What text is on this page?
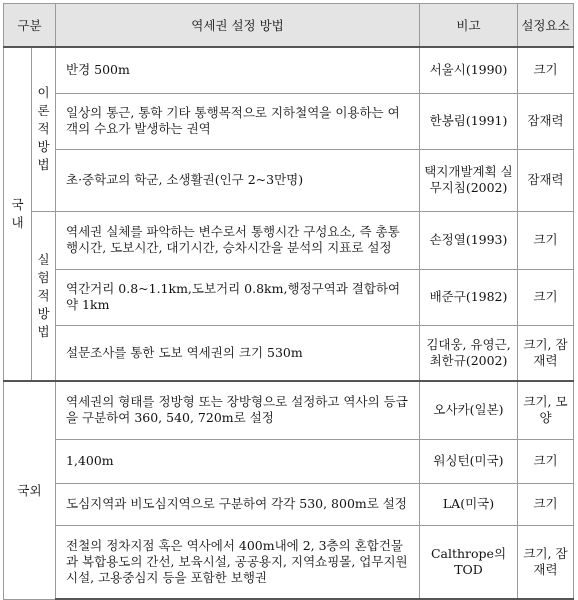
구분		역세권 설정 방법	비고	설정요소
국내	이론적방법	반경 500m	서울시(1990)	크기
		일상의 통근, 통학 기타 통행목적으로 지하철역을 이용하는 여객의 수요가 발생하는 권역	한봉림(1991)	잠재력
		초·중학교의 학군, 소생활권(인구 2~3만명)	택지개발계획 실무지침(2002)	잠재력
	실험적방법	역세권 실체를 파악하는 변수로서 통행시간 구성요소, 즉 총통행시간, 도보시간, 대기시간, 승차시간을 분석의 지표로 설정	손정열(1993)	크기
		역간거리 0.8~1.1km,도보거리 0.8km,행정구역과 결합하여 약 1km	배준구(1982)	크기
		설문조사를 통한 도보 역세권의 크기 530m	김대웅, 유영근, 최한규(2002)	크기, 잠재력
국외		역세권의 형태를 정방형 또는 장방형으로 설정하고 역사의 등급을 구분하여 360, 540, 720m로 설정	오사카(일본)	크기, 모양
		1,400m	워싱턴(미국)	크기
		도심지역과 비도심지역으로 구분하여 각각 530, 800m로 설정	LA(미국)	크기
		전철의 정차지점 혹은 역사에서 400m내에 2, 3층의 혼합건물과 복합용도의 간선, 보육시설, 공공용지, 지역쇼핑몰, 업무지원시설, 고용중심지 등을 포함한 보행권	Calthrope의 TOD	크기, 잠재력
